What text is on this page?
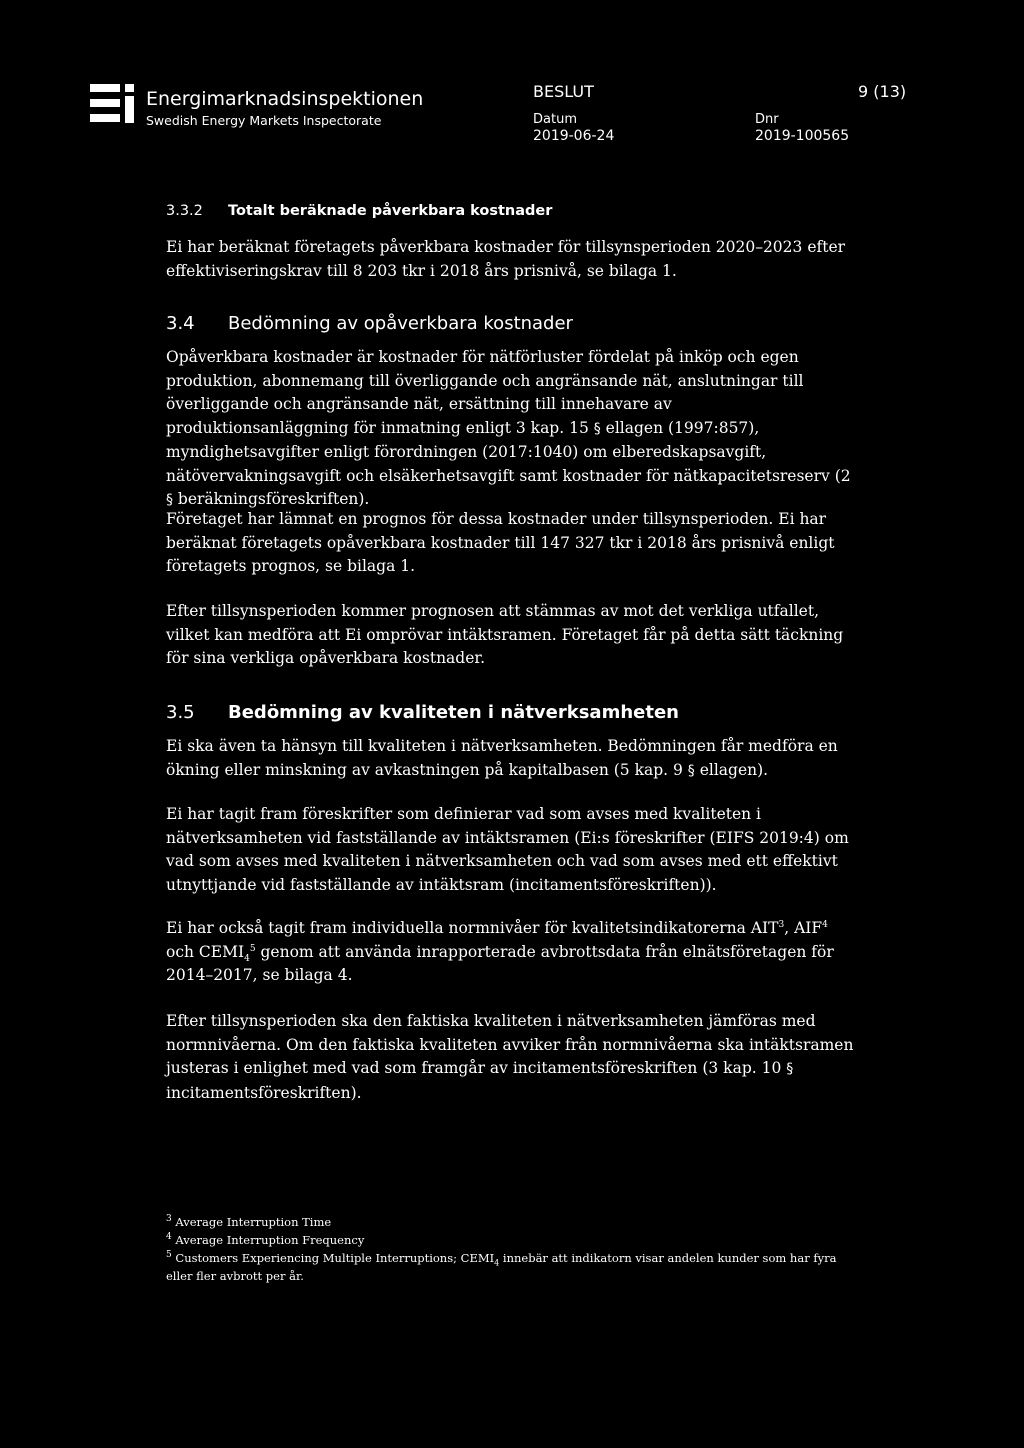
Energimarknadsinspektionen
Swedish Energy Markets Inspectorate
BESLUT	9 (13)
Datum
2019-06-24
Dnr
2019-100565
3.3.2 Totalt beräknade påverkbara kostnader

Ei har beräknat företagets påverkbara kostnader för tillsynsperioden 2020–2023 efter effektiviseringskrav till 8 203 tkr i 2018 års prisnivå, se bilaga 1.

3.4 Bedömning av opåverkbara kostnader

Opåverkbara kostnader är kostnader för nätförluster fördelat på inköp och egen produktion, abonnemang till överliggande och angränsande nät, anslutningar till överliggande och angränsande nät, ersättning till innehavare av produktionsanläggning för inmatning enligt 3 kap. 15 § ellagen (1997:857), myndighetsavgifter enligt förordningen (2017:1040) om elberedskapsavgift, nätövervakningsavgift och elsäkerhetsavgift samt kostnader för nätkapacitetsreserv (2 § beräkningsföreskriften).

Företaget har lämnat en prognos för dessa kostnader under tillsynsperioden. Ei har beräknat företagets opåverkbara kostnader till 147 327 tkr i 2018 års prisnivå enligt företagets prognos, se bilaga 1.

Efter tillsynsperioden kommer prognosen att stämmas av mot det verkliga utfallet, vilket kan medföra att Ei omprövar intäktsramen. Företaget får på detta sätt täckning för sina verkliga opåverkbara kostnader.

3.5 Bedömning av kvaliteten i nätverksamheten

Ei ska även ta hänsyn till kvaliteten i nätverksamheten. Bedömningen får medföra en ökning eller minskning av avkastningen på kapitalbasen (5 kap. 9 § ellagen).

Ei har tagit fram föreskrifter som definierar vad som avses med kvaliteten i nätverksamheten vid fastställande av intäktsramen (Ei:s föreskrifter (EIFS 2019:4) om vad som avses med kvaliteten i nätverksamheten och vad som avses med ett effektivt utnyttjande vid fastställande av intäktsram (incitamentsföreskriften)).

Ei har också tagit fram individuella normnivåer för kvalitetsindikatorerna AIT$^3$, AIF$^4$ och $CEMI_4^5$ genom att använda inrapporterade avbrottsdata från elnätsföretagen för 2014–2017, se bilaga 4.

Efter tillsynsperioden ska den faktiska kvaliteten i nätverksamheten jämföras med normnivåerna. Om den faktiska kvaliteten avviker från normnivåerna ska intäktsramen justeras i enlighet med vad som framgår av incitamentsföreskriften (3 kap. 10 § incitamentsföreskriften).

$^3$ Average Interruption Time

$^4$ Average Interruption Frequency

$^5$ Customers Experiencing Multiple Interruptions; $CEMI_4$ innebär att indikatorn visar andelen kunder som har fyra eller fler avbrott per år.
